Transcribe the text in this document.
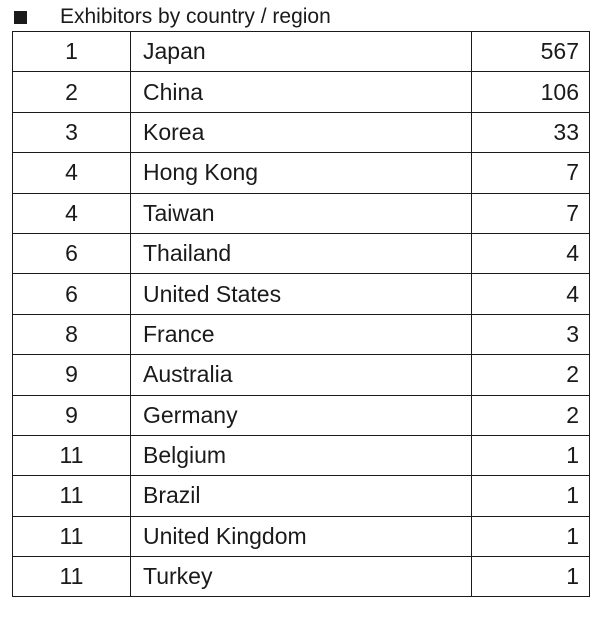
Exhibitors by country / region
1	Japan	567
2	China	106
3	Korea	33
4	Hong Kong	7
4	Taiwan	7
6	Thailand	4
6	United States	4
8	France	3
9	Australia	2
9	Germany	2
11	Belgium	1
11	Brazil	1
11	United Kingdom	1
11	Turkey	1
